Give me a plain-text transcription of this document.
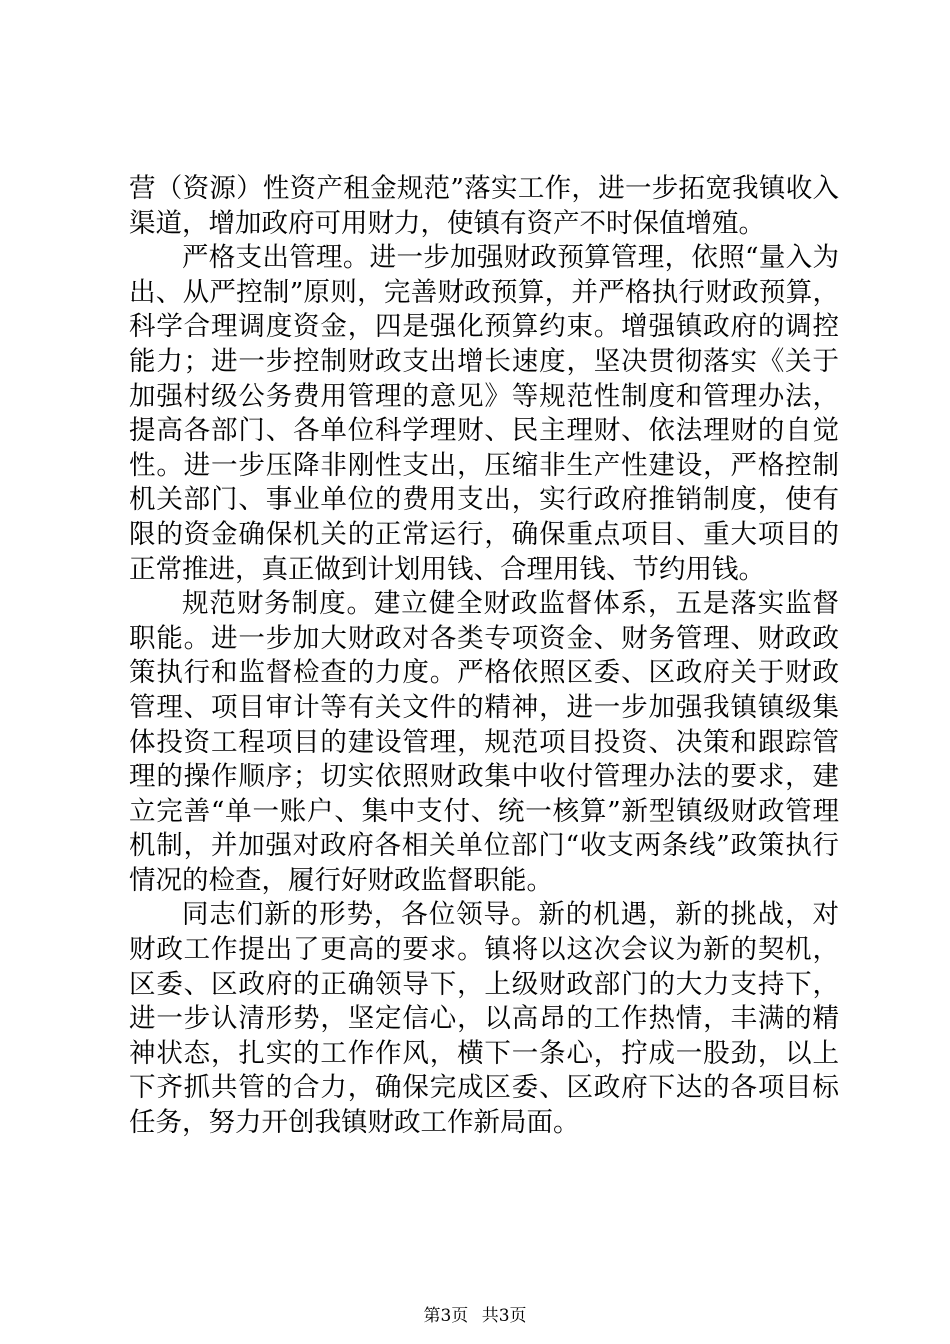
营（资源）性资产租金规范”落实工作，进一步拓宽我镇收入渠道，增加政府可用财力，使镇有资产不时保值增殖。

严格支出管理。进一步加强财政预算管理，依照“量入为出、从严控制”原则，完善财政预算，并严格执行财政预算，科学合理调度资金，四是强化预算约束。增强镇政府的调控能力；进一步控制财政支出增长速度，坚决贯彻落实《关于加强村级公务费用管理的意见》等规范性制度和管理办法，提高各部门、各单位科学理财、民主理财、依法理财的自觉性。进一步压降非刚性支出，压缩非生产性建设，严格控制机关部门、事业单位的费用支出，实行政府推销制度，使有限的资金确保机关的正常运行，确保重点项目、重大项目的正常推进，真正做到计划用钱、合理用钱、节约用钱。

规范财务制度。建立健全财政监督体系，五是落实监督职能。进一步加大财政对各类专项资金、财务管理、财政政策执行和监督检查的力度。严格依照区委、区政府关于财政管理、项目审计等有关文件的精神，进一步加强我镇镇级集体投资工程项目的建设管理，规范项目投资、决策和跟踪管理的操作顺序；切实依照财政集中收付管理办法的要求，建立完善“单一账户、集中支付、统一核算”新型镇级财政管理机制，并加强对政府各相关单位部门“收支两条线”政策执行情况的检查，履行好财政监督职能。

同志们新的形势，各位领导。新的机遇，新的挑战，对财政工作提出了更高的要求。镇将以这次会议为新的契机，区委、区政府的正确领导下，上级财政部门的大力支持下，进一步认清形势，坚定信心，以高昂的工作热情，丰满的精神状态，扎实的工作作风，横下一条心，拧成一股劲，以上下齐抓共管的合力，确保完成区委、区政府下达的各项目标任务，努力开创我镇财政工作新局面。

第3页 共3页
